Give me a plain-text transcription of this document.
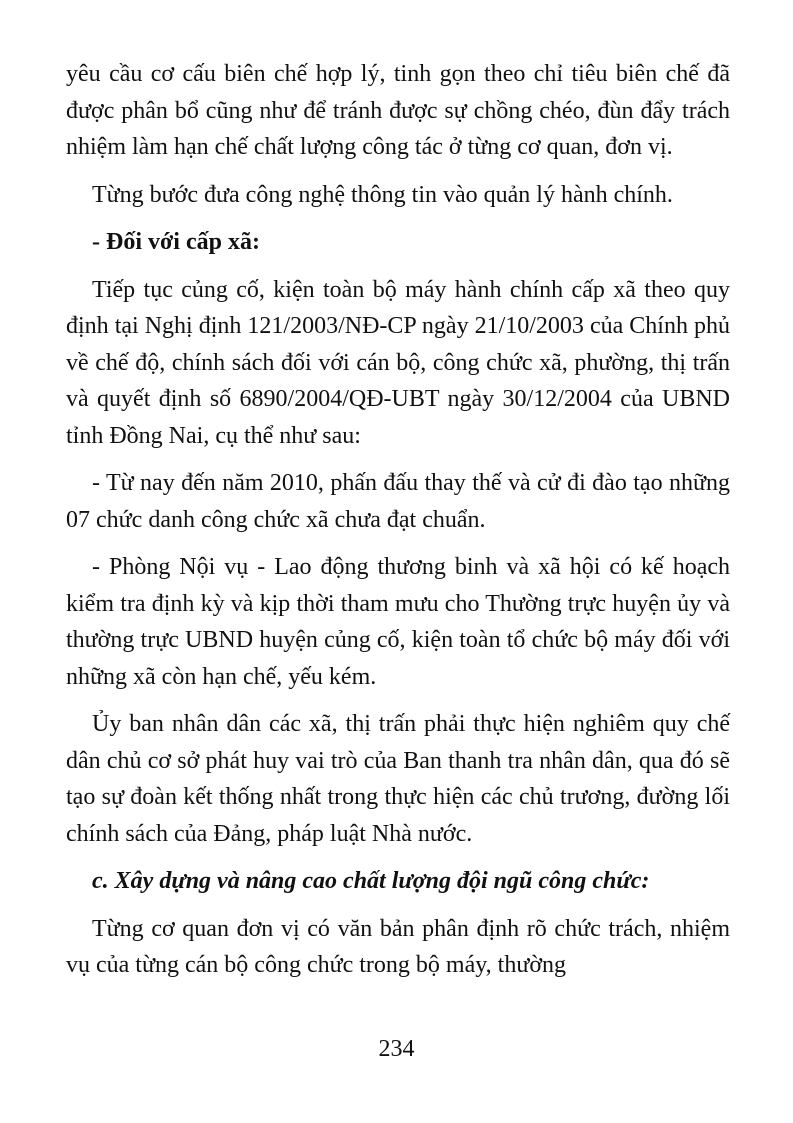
yêu cầu cơ cấu biên chế hợp lý, tinh gọn theo chỉ tiêu biên chế đã được phân bổ cũng như để tránh được sự chồng chéo, đùn đẩy trách nhiệm làm hạn chế chất lượng công tác ở từng cơ quan, đơn vị.

Từng bước đưa công nghệ thông tin vào quản lý hành chính.

- Đối với cấp xã:

Tiếp tục củng cố, kiện toàn bộ máy hành chính cấp xã theo quy định tại Nghị định 121/2003/NĐ-CP ngày 21/10/2003 của Chính phủ về chế độ, chính sách đối với cán bộ, công chức xã, phường, thị trấn và quyết định số 6890/2004/QĐ-UBT ngày 30/12/2004 của UBND tỉnh Đồng Nai, cụ thể như sau:

- Từ nay đến năm 2010, phấn đấu thay thế và cử đi đào tạo những 07 chức danh công chức xã chưa đạt chuẩn.

- Phòng Nội vụ - Lao động thương binh và xã hội có kế hoạch kiểm tra định kỳ và kịp thời tham mưu cho Thường trực huyện ủy và thường trực UBND huyện củng cố, kiện toàn tổ chức bộ máy đối với những xã còn hạn chế, yếu kém.

Ủy ban nhân dân các xã, thị trấn phải thực hiện nghiêm quy chế dân chủ cơ sở phát huy vai trò của Ban thanh tra nhân dân, qua đó sẽ tạo sự đoàn kết thống nhất trong thực hiện các chủ trương, đường lối chính sách của Đảng, pháp luật Nhà nước.

c. Xây dựng và nâng cao chất lượng đội ngũ công chức:

Từng cơ quan đơn vị có văn bản phân định rõ chức trách, nhiệm vụ của từng cán bộ công chức trong bộ máy, thường

234
